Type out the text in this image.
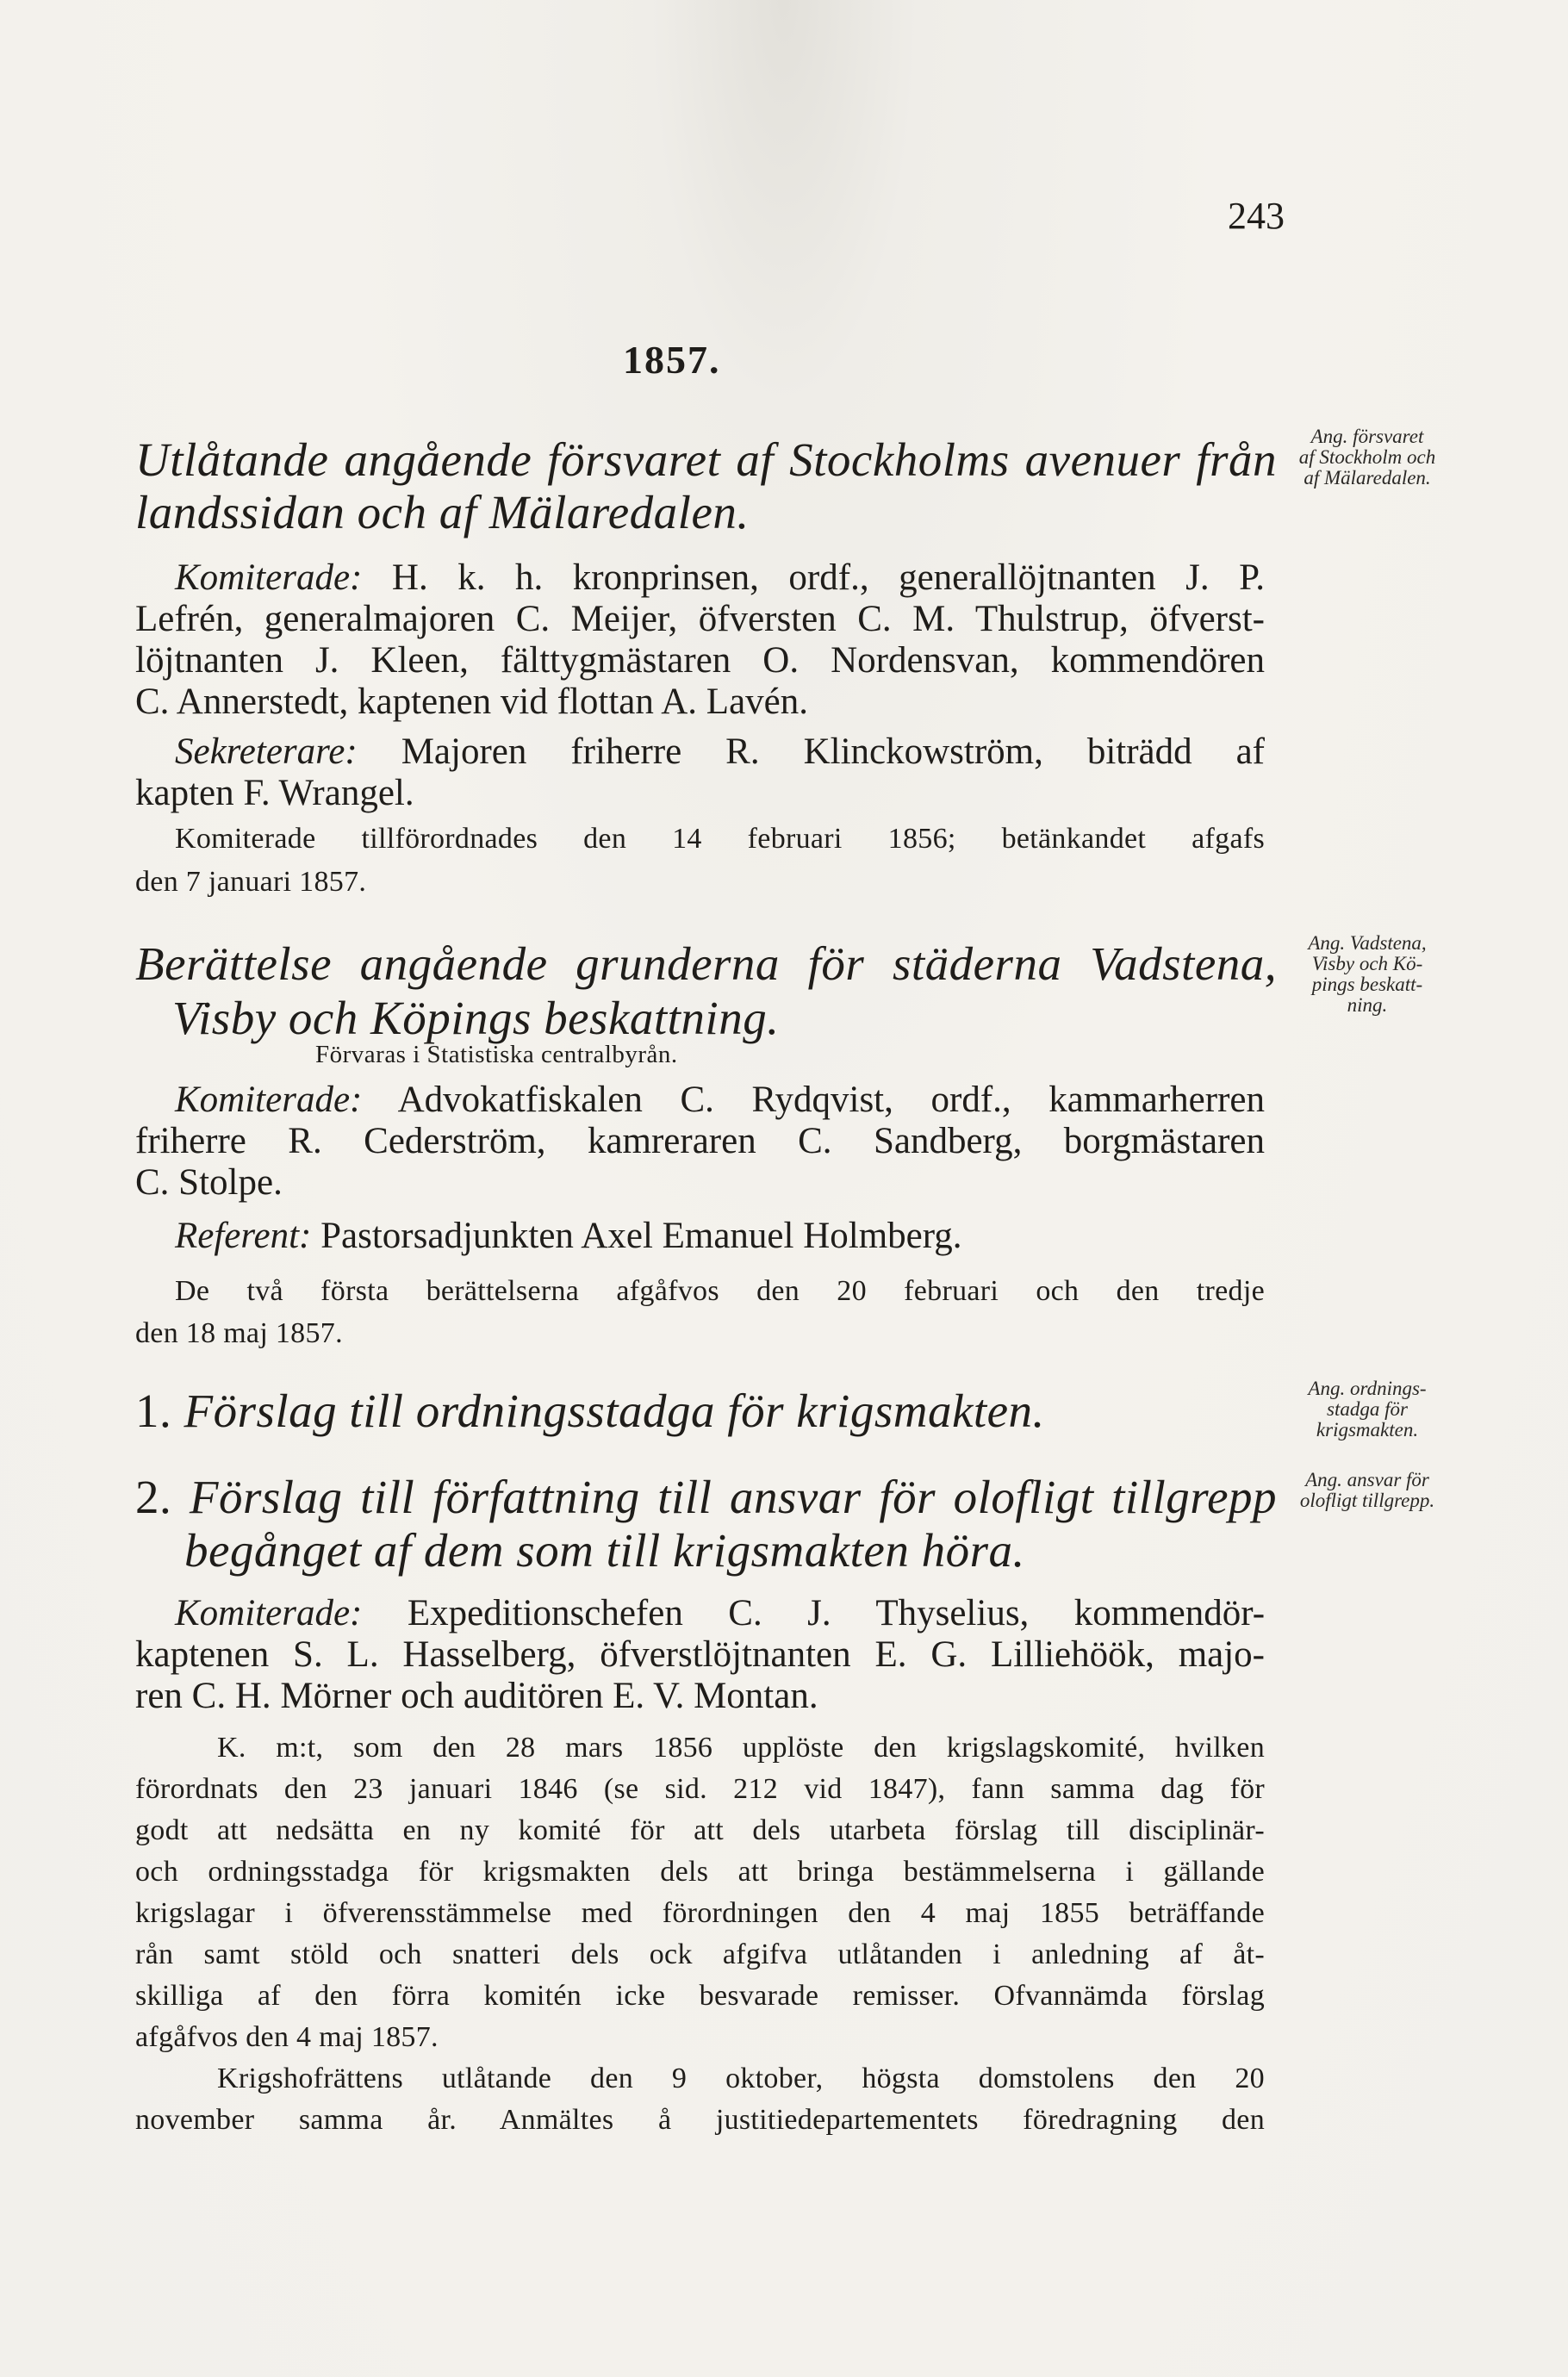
243
1857.
Utlåtande angående försvaret af Stockholms avenuer från
landssidan och af Mälaredalen.
Ang. försvaret
af Stockholm och
af Mälaredalen.
Komiterade: H. k. h. kronprinsen, ordf., generallöjtnanten J. P.
Lefrén, generalmajoren C. Meijer, öfversten C. M. Thulstrup, öfverst-
löjtnanten J. Kleen, fälttygmästaren O. Nordensvan, kommendören
C. Annerstedt, kaptenen vid flottan A. Lavén.
Sekreterare: Majoren friherre R. Klinckowström, biträdd af
kapten F. Wrangel.
Komiterade tillförordnades den 14 februari 1856; betänkandet afgafs
den 7 januari 1857.
Berättelse angående grunderna för städerna Vadstena,
Visby och Köpings beskattning.
Ang. Vadstena,
Visby och Kö-
pings beskatt-
ning.
Förvaras i Statistiska centralbyrån.
Komiterade: Advokatfiskalen C. Rydqvist, ordf., kammarherren
friherre R. Cederström, kamreraren C. Sandberg, borgmästaren
C. Stolpe.
Referent: Pastorsadjunkten Axel Emanuel Holmberg.
De två första berättelserna afgåfvos den 20 februari och den tredje
den 18 maj 1857.
1. Förslag till ordningsstadga för krigsmakten.	Ang. ordnings-
stadga för
krigsmakten.
2. Förslag till författning till ansvar för olofligt tillgrepp
begånget af dem som till krigsmakten höra.
Ang. ansvar för
olofligt tillgrepp.
Komiterade: Expeditionschefen C. J. Thyselius, kommendör-
kaptenen S. L. Hasselberg, öfverstlöjtnanten E. G. Lilliehöök, majo-
ren C. H. Mörner och auditören E. V. Montan.
K. m:t, som den 28 mars 1856 upplöste den krigslagskomité, hvilken
förordnats den 23 januari 1846 (se sid. 212 vid 1847), fann samma dag för
godt att nedsätta en ny komité för att dels utarbeta förslag till disciplinär-
och ordningsstadga för krigsmakten dels att bringa bestämmelserna i gällande
krigslagar i öfverensstämmelse med förordningen den 4 maj 1855 beträffande
rån samt stöld och snatteri dels ock afgifva utlåtanden i anledning af åt-
skilliga af den förra komitén icke besvarade remisser. Ofvannämda förslag
afgåfvos den 4 maj 1857.
Krigshofrättens utlåtande den 9 oktober, högsta domstolens den 20
november samma år. Anmältes å justitiedepartementets föredragning den
